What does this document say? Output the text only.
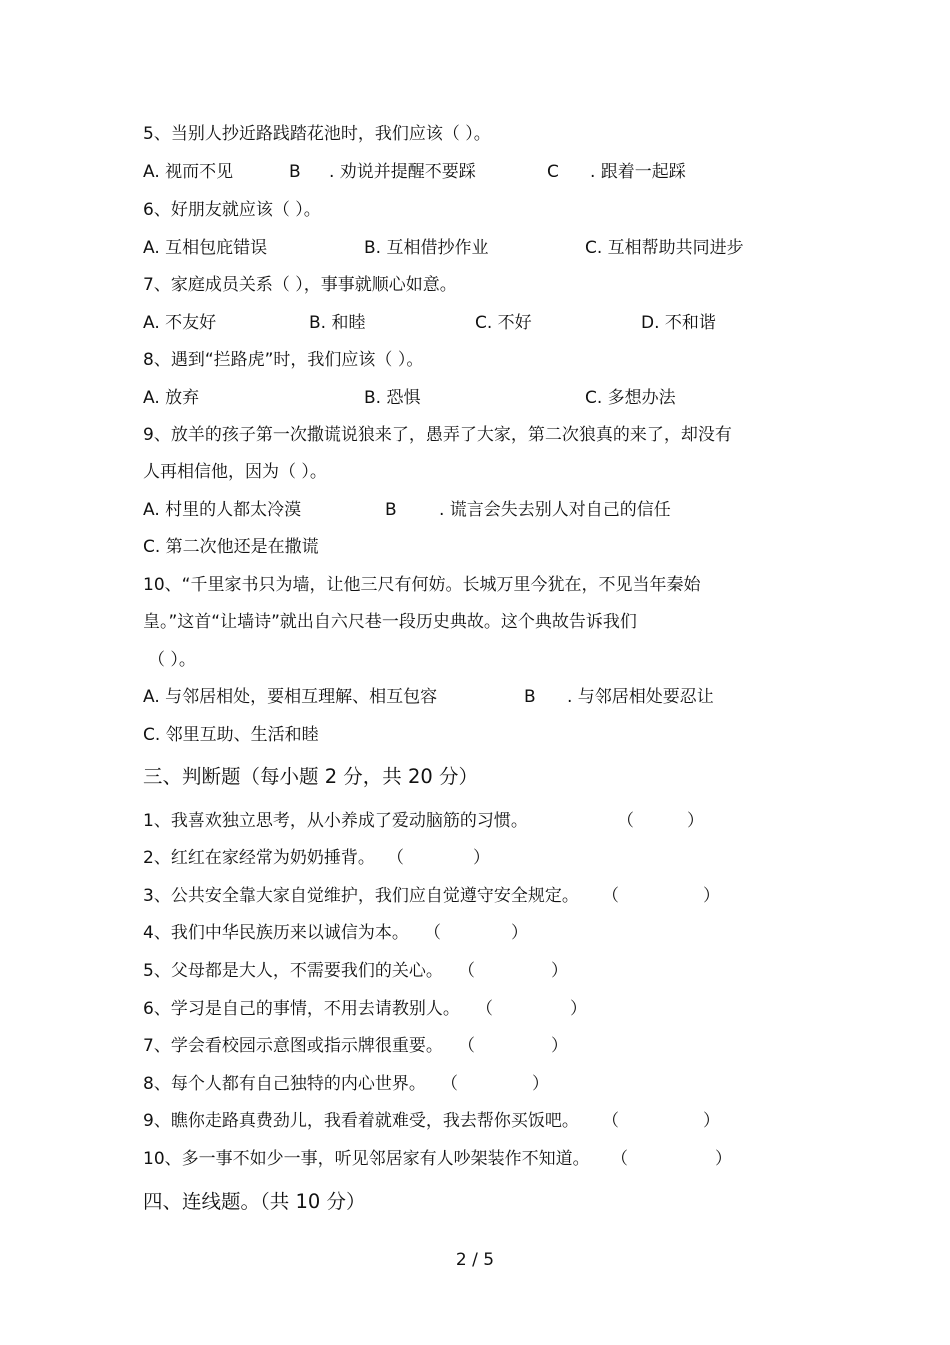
5、当别人抄近路践踏花池时，我们应该（ ）。
A. 视而不见	B . 劝说并提醒不要踩	C . 跟着一起踩
6、好朋友就应该（ ）。
A. 互相包庇错误	B. 互相借抄作业	C. 互相帮助共同进步
7、家庭成员关系（ ），事事就顺心如意。
A. 不友好	B. 和睦	C. 不好	D. 不和谐
8、遇到“拦路虎”时，我们应该（ ）。
A. 放弃	B. 恐惧	C. 多想办法
9、放羊的孩子第一次撒谎说狼来了，愚弄了大家，第二次狼真的来了，却没有
人再相信他，因为（ ）。
A. 村里的人都太冷漠	B . 谎言会失去别人对自己的信任
C. 第二次他还是在撒谎
10、“千里家书只为墙，让他三尺有何妨。长城万里今犹在，不见当年秦始
皇。”这首“让墙诗”就出自六尺巷一段历史典故。这个典故告诉我们
（ ）。
A. 与邻居相处，要相互理解、相互包容	B . 与邻居相处要忍让
C. 邻里互助、生活和睦
三、判断题（每小题 2 分，共 20 分）
1、我喜欢独立思考，从小养成了爱动脑筋的习惯。	（	）
2、红红在家经常为奶奶捶背。 （	）
3、公共安全靠大家自觉维护，我们应自觉遵守安全规定。 （	）
4、我们中华民族历来以诚信为本。 （	）
5、父母都是大人，不需要我们的关心。 （	）
6、学习是自己的事情，不用去请教别人。 （	）
7、学会看校园示意图或指示牌很重要。 （	）
8、每个人都有自己独特的内心世界。 （	）
9、瞧你走路真费劲儿，我看着就难受，我去帮你买饭吧。 （	）
10、多一事不如少一事，听见邻居家有人吵架装作不知道。 （	）
四、连线题。（共 10 分）
2 / 5
